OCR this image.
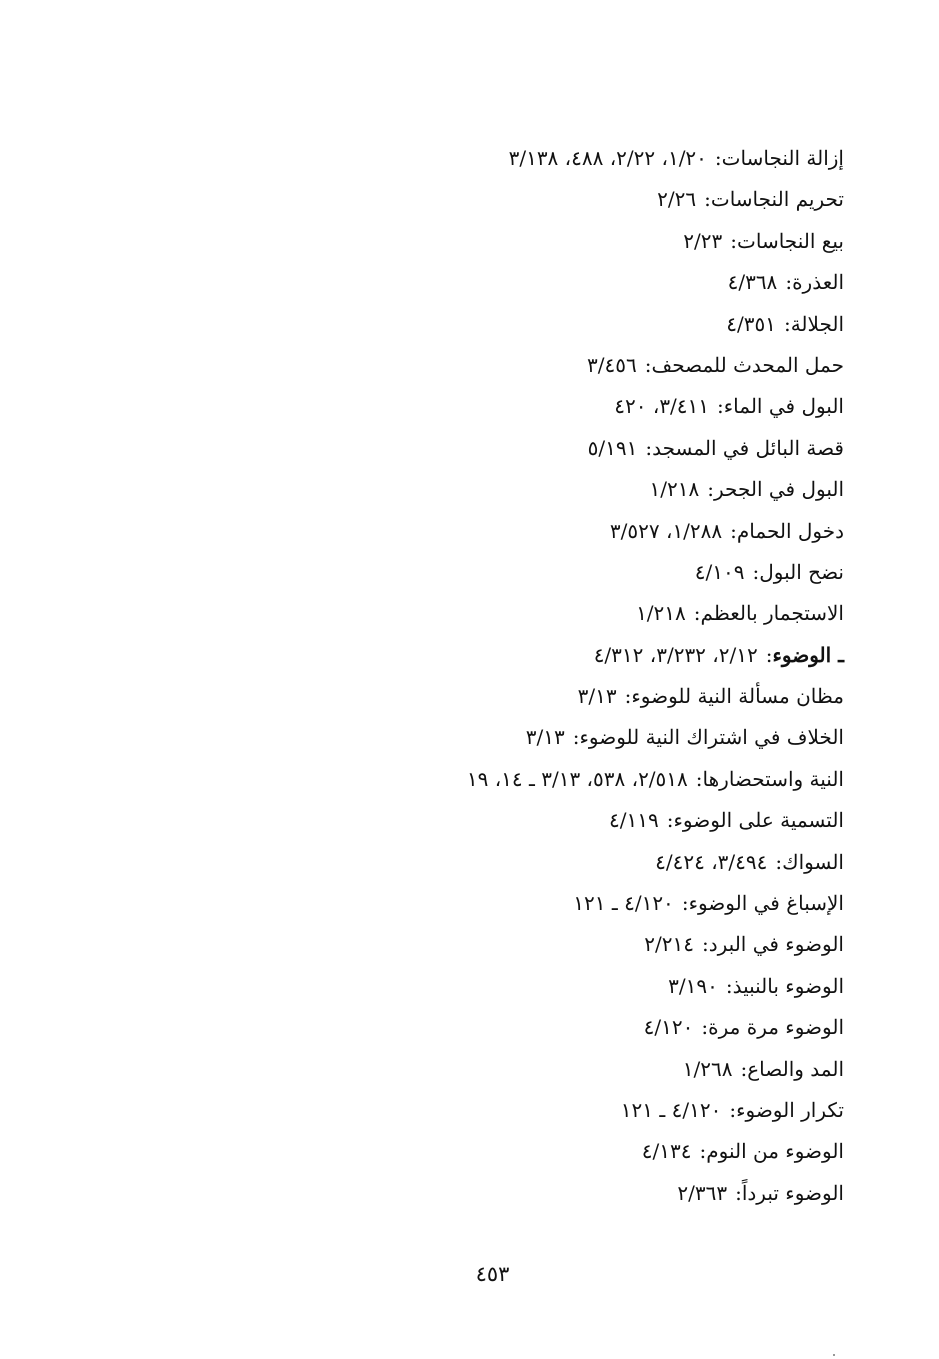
إزالة النجاسات:١/٢٠، ٢/٢٢، ٤٨٨، ٣/١٣٨
تحريم النجاسات:٢/٢٦
بيع النجاسات:٢/٢٣
العذرة:٤/٣٦٨
الجلالة:٤/٣٥١
حمل المحدث للمصحف:٣/٤٥٦
البول في الماء:٣/٤١١، ٤٢٠
قصة البائل في المسجد:٥/١٩١
البول في الجحر:١/٢١٨
دخول الحمام:١/٢٨٨، ٣/٥٢٧
نضح البول:٤/١٠٩
الاستجمار بالعظم:١/٢١٨
ـ الوضوء:٢/١٢، ٣/٢٣٢، ٤/٣١٢
مظان مسألة النية للوضوء:٣/١٣
الخلاف في اشتراك النية للوضوء:٣/١٣
النية واستحضارها:٢/٥١٨، ٥٣٨، ٣/١٣ ـ ١٤، ١٩
التسمية على الوضوء:٤/١١٩
السواك:٣/٤٩٤، ٤/٤٢٤
الإسباغ في الوضوء:٤/١٢٠ ـ ١٢١
الوضوء في البرد:٢/٢١٤
الوضوء بالنبيذ:٣/١٩٠
الوضوء مرة مرة:٤/١٢٠
المد والصاع:١/٢٦٨
تكرار الوضوء:٤/١٢٠ ـ ١٢١
الوضوء من النوم:٤/١٣٤
الوضوء تبرداً:٢/٣٦٣
٤٥٣
